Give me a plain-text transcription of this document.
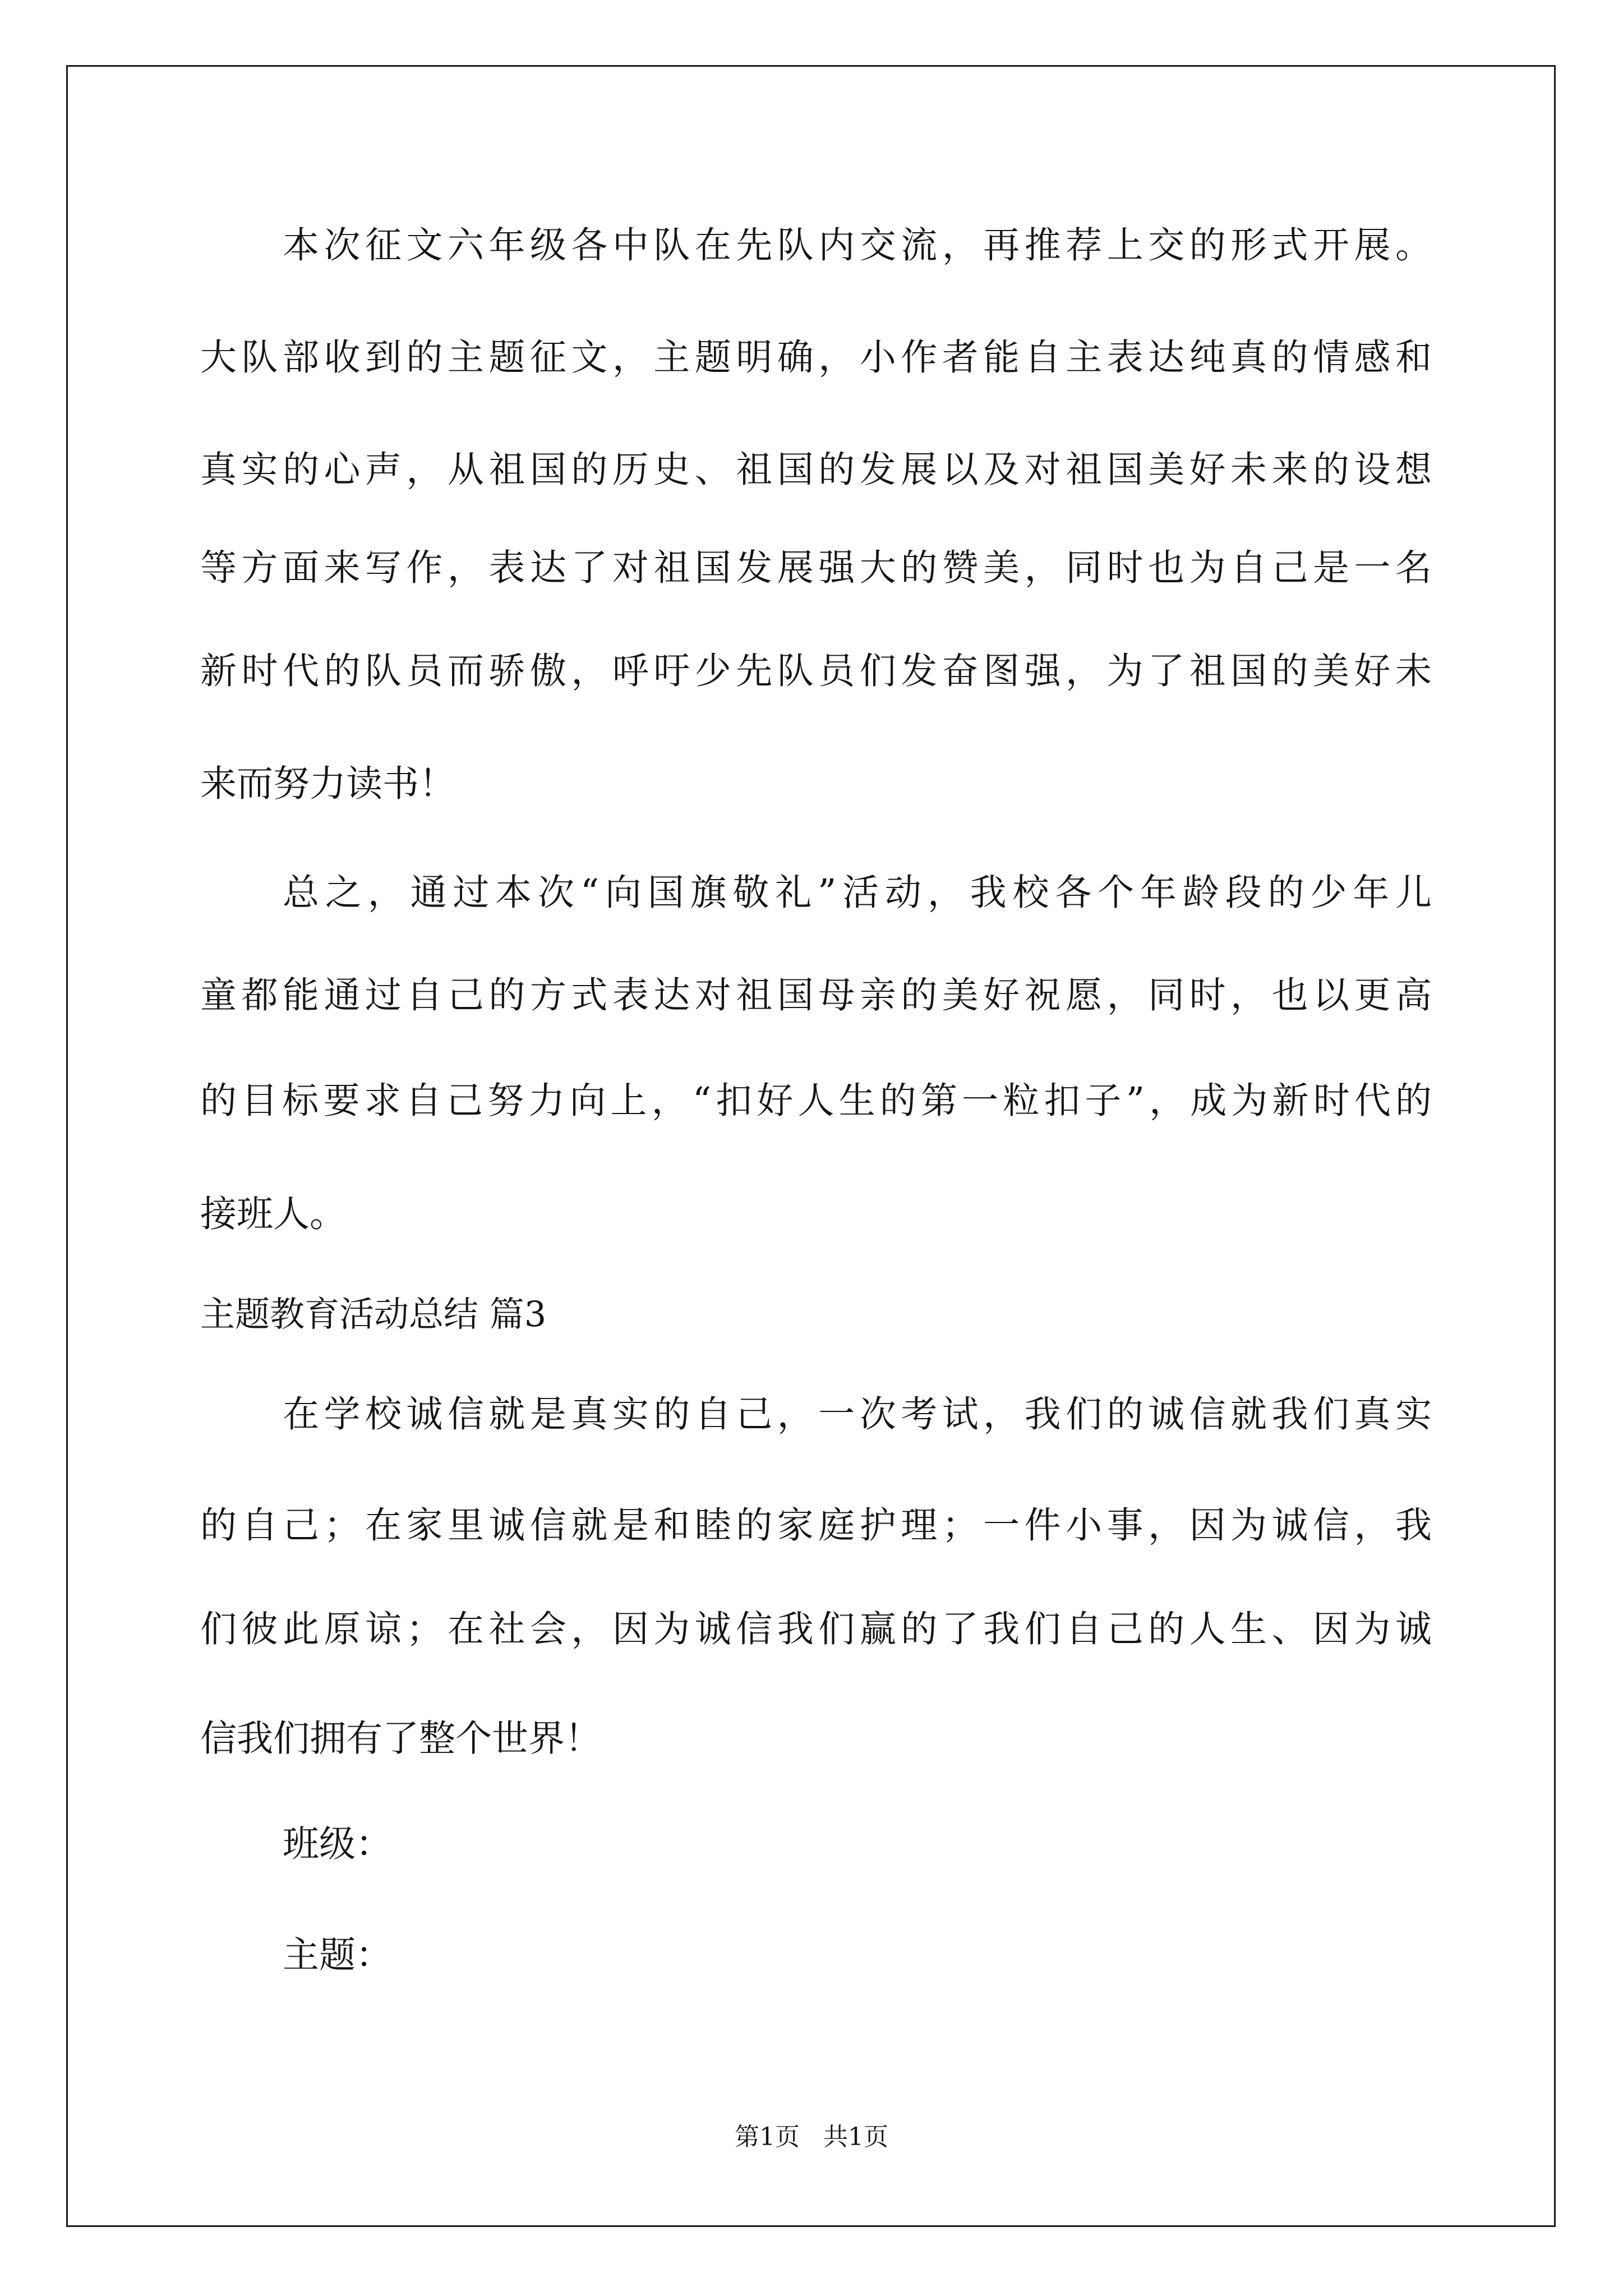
本次征文六年级各中队在先队内交流，再推荐上交的形式开展。
大队部收到的主题征文，主题明确，小作者能自主表达纯真的情感和
真实的心声，从祖国的历史、祖国的发展以及对祖国美好未来的设想
等方面来写作，表达了对祖国发展强大的赞美，同时也为自己是一名
新时代的队员而骄傲，呼吁少先队员们发奋图强，为了祖国的美好未
来而努力读书！
总之，通过本次“向国旗敬礼”活动，我校各个年龄段的少年儿
童都能通过自己的方式表达对祖国母亲的美好祝愿，同时，也以更高
的目标要求自己努力向上，“扣好人生的第一粒扣子”，成为新时代的
接班人。
主题教育活动总结 篇3
在学校诚信就是真实的自己，一次考试，我们的诚信就我们真实
的自己；在家里诚信就是和睦的家庭护理；一件小事，因为诚信，我
们彼此原谅；在社会，因为诚信我们赢的了我们自己的人生、因为诚
信我们拥有了整个世界！
班级：
主题：
第1页   共1页
